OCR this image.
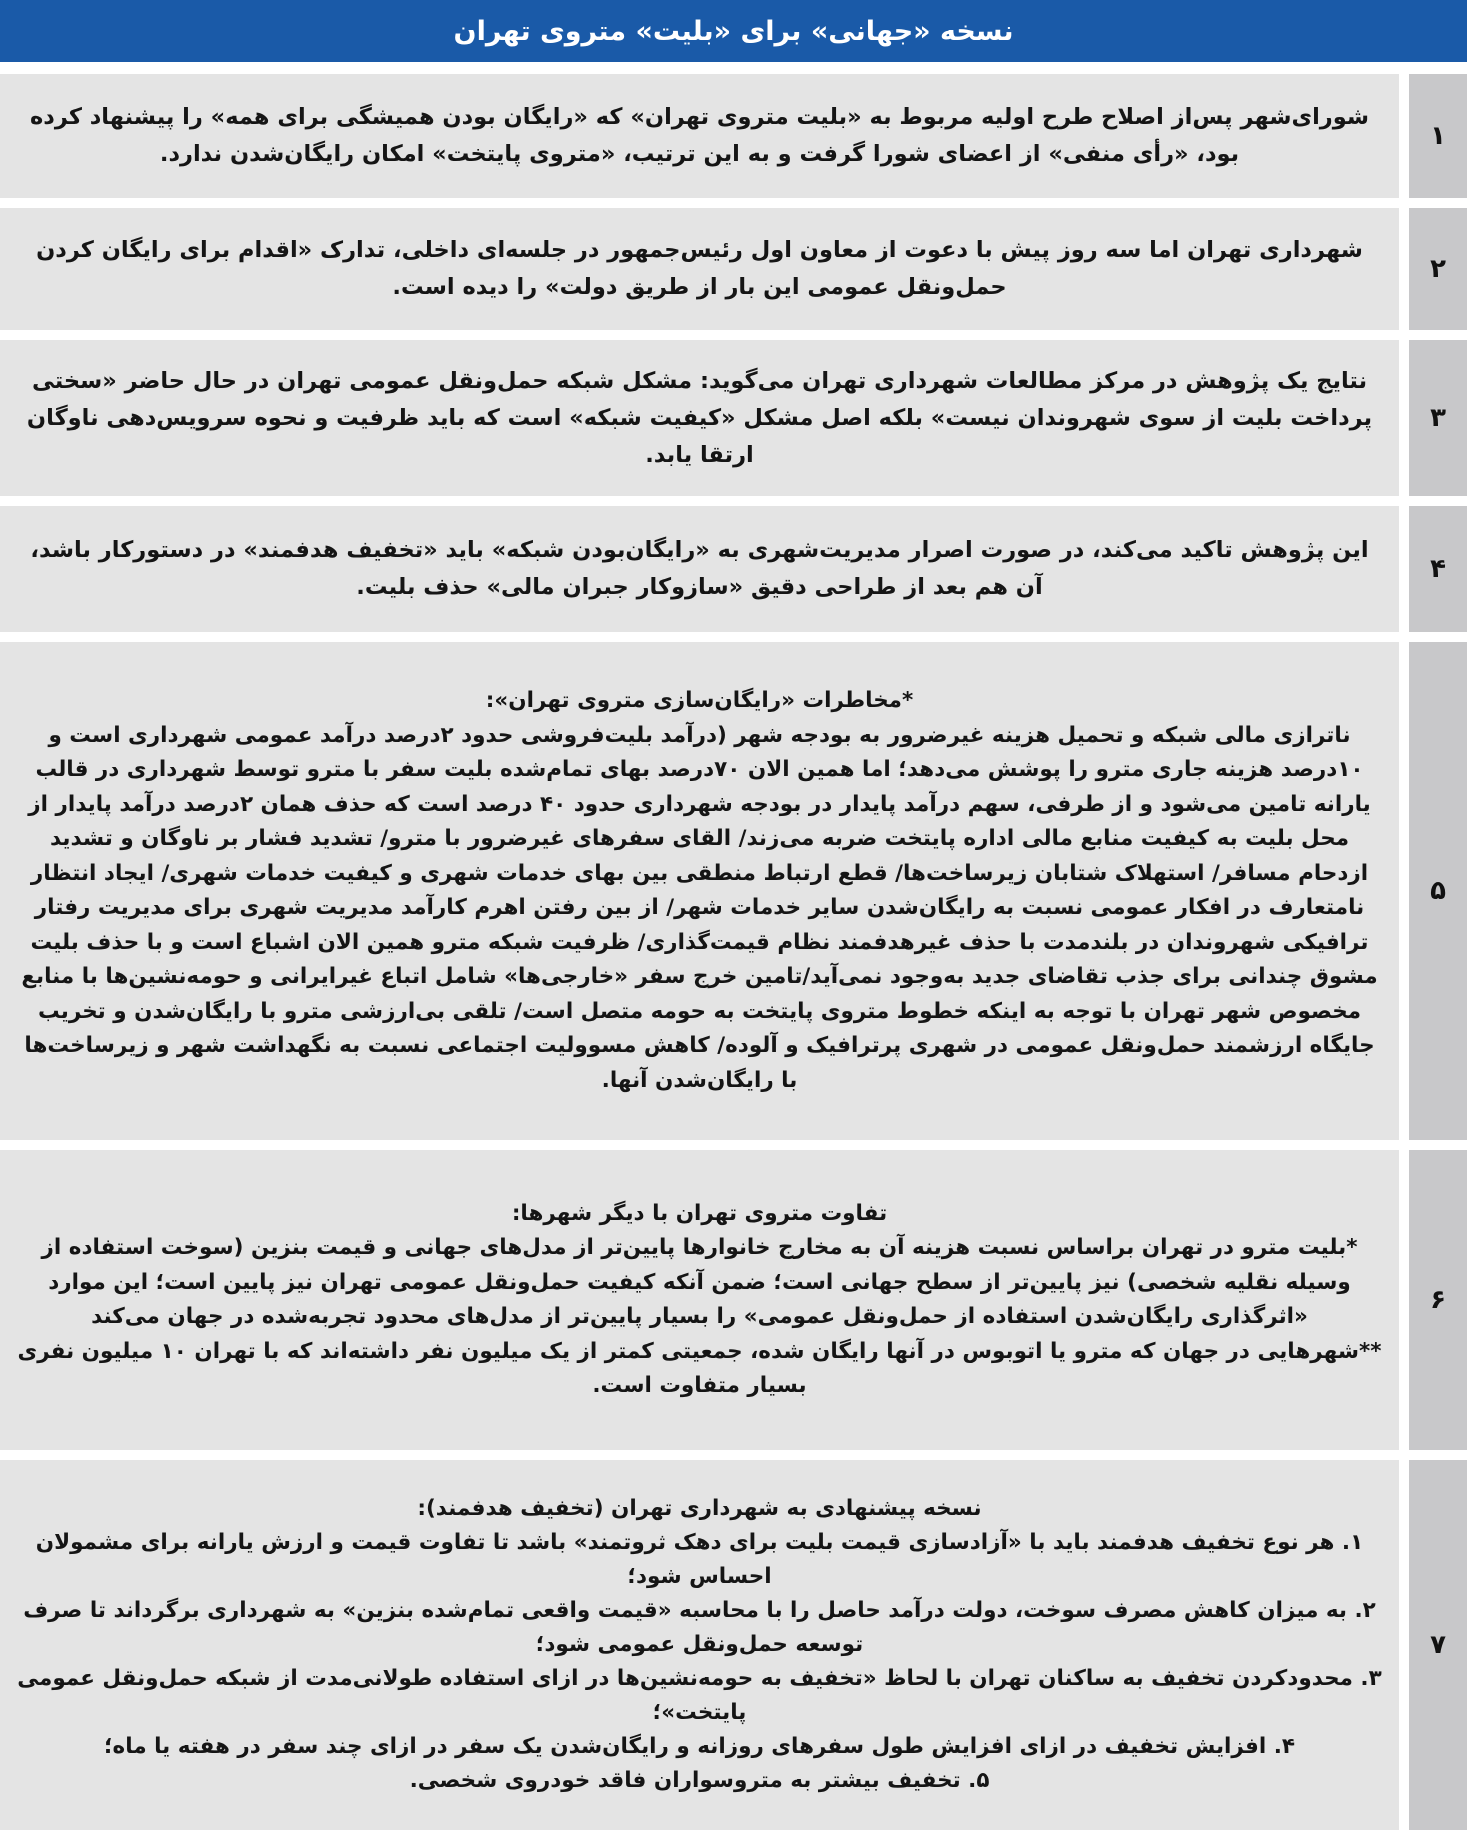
نسخه «جهانی» برای «بلیت» متروی تهران
۱

شورای‌شهر پس‌از اصلاح طرح اولیه مربوط به «بلیت متروی تهران» که «رایگان بودن همیشگی برای همه» را پیشنهاد کرده بود، «رأی منفی» از اعضای شورا گرفت و به این ترتیب، «متروی پایتخت» امکان رایگان‌شدن ندارد.

۲

شهرداری تهران اما سه روز پیش با دعوت از معاون اول رئیس‌جمهور در جلسه‌ای داخلی، تدارک «اقدام برای رایگان کردن حمل‌ونقل عمومی این بار از طریق دولت» را دیده است.

۳

نتایج یک پژوهش در مرکز مطالعات شهرداری تهران می‌گوید: مشکل شبکه حمل‌ونقل عمومی تهران در حال حاضر «سختی پرداخت بلیت از سوی شهروندان نیست» بلکه اصل مشکل «کیفیت شبکه» است که باید ظرفیت و نحوه سرویس‌دهی ناوگان ارتقا یابد.

۴

این پژوهش تاکید می‌کند، در صورت اصرار مدیریت‌شهری به «رایگان‌بودن شبکه» باید «تخفیف هدفمند» در دستورکار باشد، آن هم بعد از طراحی دقیق «سازوکار جبران مالی» حذف بلیت.

۵

*مخاطرات «رایگان‌سازی متروی تهران»:

ناترازی مالی شبکه و تحمیل هزینه غیرضرور به بودجه شهر (درآمد بلیت‌فروشی حدود ۲درصد درآمد عمومی شهرداری است و ۱۰درصد هزینه جاری مترو را پوشش می‌دهد؛ اما همین الان ۷۰درصد بهای تمام‌شده بلیت سفر با مترو توسط شهرداری در قالب یارانه تامین می‌شود و از طرفی، سهم درآمد پایدار در بودجه شهرداری حدود ۴۰ درصد است که حذف همان ۲درصد درآمد پایدار از محل بلیت به کیفیت منابع مالی اداره پایتخت ضربه می‌زند/ القای سفرهای غیرضرور با مترو/ تشدید فشار بر ناوگان و تشدید ازدحام مسافر/ استهلاک شتابان زیرساخت‌ها/ قطع ارتباط منطقی بین بهای خدمات شهری و کیفیت خدمات شهری/ ایجاد انتظار نامتعارف در افکار عمومی نسبت به رایگان‌شدن سایر خدمات شهر/ از بین رفتن اهرم کارآمد مدیریت شهری برای مدیریت رفتار ترافیکی شهروندان در بلندمدت با حذف غیرهدفمند نظام قیمت‌گذاری/ ظرفیت شبکه مترو همین الان اشباع است و با حذف بلیت مشوق چندانی برای جذب تقاضای جدید به‌وجود نمی‌آید/تامین خرج سفر «خارجی‌ها» شامل اتباع غیرایرانی و حومه‌نشین‌ها با منابع مخصوص شهر تهران با توجه به اینکه خطوط متروی پایتخت به حومه متصل است/ تلقی بی‌ارزشی مترو با رایگان‌شدن و تخریب جایگاه ارزشمند حمل‌ونقل عمومی در شهری پرترافیک و آلوده/ کاهش مسوولیت اجتماعی نسبت به نگهداشت شهر و زیرساخت‌ها با رایگان‌شدن آنها.

۶

تفاوت متروی تهران با دیگر شهرها:

*بلیت مترو در تهران براساس نسبت هزینه آن به مخارج خانوارها پایین‌تر از مدل‌های جهانی و قیمت بنزین (سوخت استفاده از وسیله نقلیه شخصی) نیز پایین‌تر از سطح جهانی است؛ ضمن آنکه کیفیت حمل‌ونقل عمومی تهران نیز پایین است؛ این موارد «اثرگذاری رایگان‌شدن استفاده از حمل‌ونقل عمومی» را بسیار پایین‌تر از مدل‌های محدود تجربه‌شده در جهان می‌کند

**شهرهایی در جهان که مترو یا اتوبوس در آنها رایگان شده، جمعیتی کمتر از یک میلیون نفر داشته‌اند که با تهران ۱۰ میلیون نفری بسیار متفاوت است.

۷

نسخه پیشنهادی به شهرداری تهران (تخفیف هدفمند):

۱. هر نوع تخفیف هدفمند باید با «آزادسازی قیمت بلیت برای دهک ثروتمند» باشد تا تفاوت قیمت و ارزش یارانه برای مشمولان احساس شود؛

۲. به میزان کاهش مصرف سوخت، دولت درآمد حاصل را با محاسبه «قیمت واقعی تمام‌شده بنزین» به شهرداری برگرداند تا صرف توسعه حمل‌ونقل عمومی شود؛

۳. محدودکردن تخفیف به ساکنان تهران با لحاظ «تخفیف به حومه‌نشین‌ها در ازای استفاده طولانی‌مدت از شبکه حمل‌ونقل عمومی پایتخت»؛

۴. افزایش تخفیف در ازای افزایش طول سفرهای روزانه و رایگان‌شدن یک سفر در ازای چند سفر در هفته یا ماه؛

۵. تخفیف بیشتر به متروسواران فاقد خودروی شخصی.
